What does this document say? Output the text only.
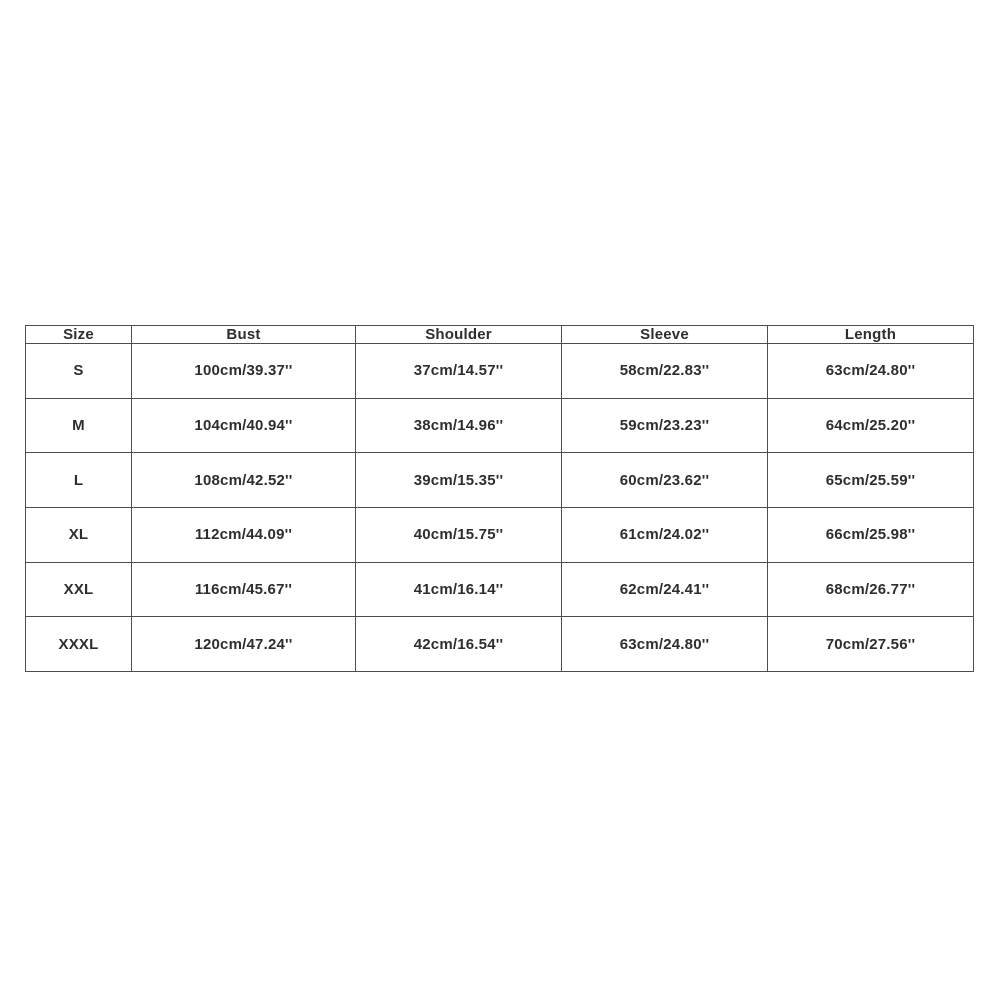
Size	Bust	Shoulder	Sleeve	Length
S	100cm/39.37''	37cm/14.57''	58cm/22.83''	63cm/24.80''
M	104cm/40.94''	38cm/14.96''	59cm/23.23''	64cm/25.20''
L	108cm/42.52''	39cm/15.35''	60cm/23.62''	65cm/25.59''
XL	112cm/44.09''	40cm/15.75''	61cm/24.02''	66cm/25.98''
XXL	116cm/45.67''	41cm/16.14''	62cm/24.41''	68cm/26.77''
XXXL	120cm/47.24''	42cm/16.54''	63cm/24.80''	70cm/27.56''
